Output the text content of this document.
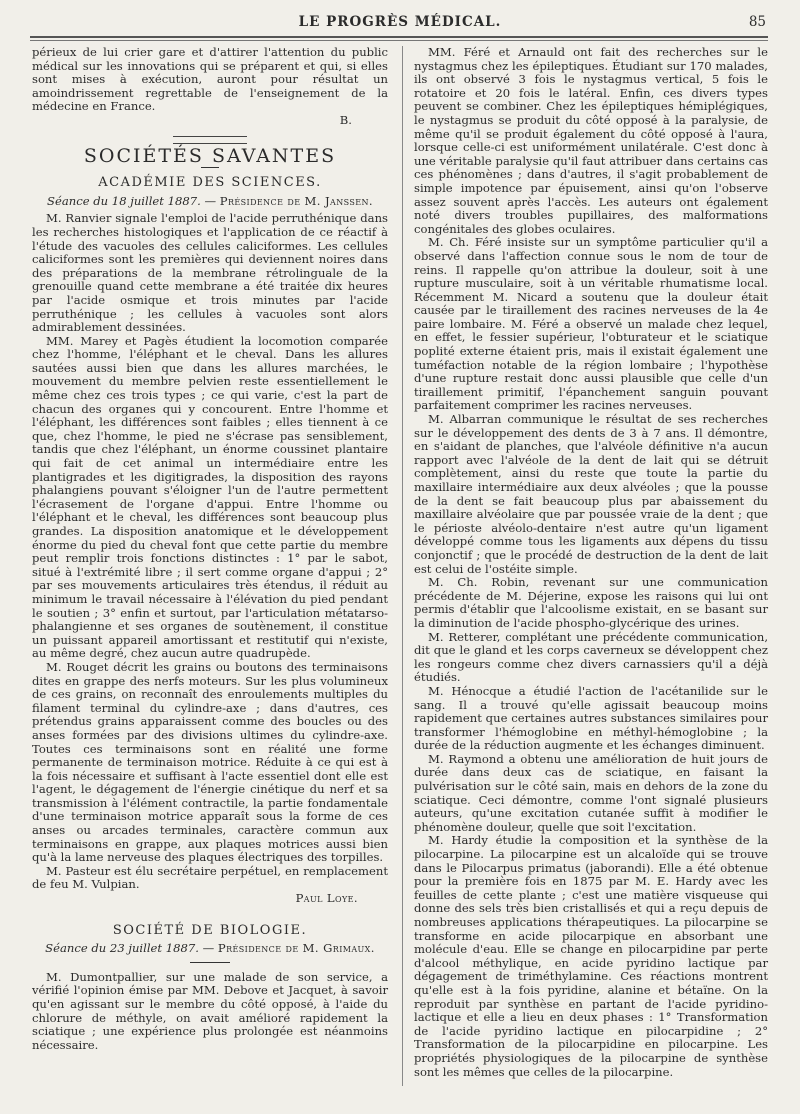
LE PROGRÈS MÉDICAL.	85

périeux de lui crier gare et d'attirer l'attention du public médical sur les innovations qui se préparent et qui, si elles sont mises à exécution, auront pour résultat un amoindrissement regrettable de l'enseignement de la médecine en France.

B.
SOCIÉTÉS SAVANTES
ACADÉMIE DES SCIENCES.

Séance du 18 juillet 1887. — Présidence de M. Janssen.

M. Ranvier signale l'emploi de l'acide perruthénique dans les recherches histologiques et l'application de ce réactif à l'étude des vacuoles des cellules caliciformes. Les cellules caliciformes sont les premières qui deviennent noires dans des préparations de la membrane rétrolinguale de la grenouille quand cette membrane a été traitée dix heures par l'acide osmique et trois minutes par l'acide perruthénique ; les cellules à vacuoles sont alors admirablement dessinées.

MM. Marey et Pagès étudient la locomotion comparée chez l'homme, l'éléphant et le cheval. Dans les allures sautées aussi bien que dans les allures marchées, le mouvement du membre pelvien reste essentiellement le même chez ces trois types ; ce qui varie, c'est la part de chacun des organes qui y concourent. Entre l'homme et l'éléphant, les différences sont faibles ; elles tiennent à ce que, chez l'homme, le pied ne s'écrase pas sensiblement, tandis que chez l'éléphant, un énorme coussinet plantaire qui fait de cet animal un intermédiaire entre les plantigrades et les digitigrades, la disposition des rayons phalangiens pouvant s'éloigner l'un de l'autre permettent l'écrasement de l'organe d'appui. Entre l'homme ou l'éléphant et le cheval, les différences sont beaucoup plus grandes. La disposition anatomique et le développement énorme du pied du cheval font que cette partie du membre peut remplir trois fonctions distinctes : 1° par le sabot, situé à l'extrémité libre ; il sert comme organe d'appui ; 2° par ses mouvements articulaires très étendus, il réduit au minimum le travail nécessaire à l'élévation du pied pendant le soutien ; 3° enfin et surtout, par l'articulation métatarso-phalangienne et ses organes de soutènement, il constitue un puissant appareil amortissant et restitutif qui n'existe, au même degré, chez aucun autre quadrupède.

M. Rouget décrit les grains ou boutons des terminaisons dites en grappe des nerfs moteurs. Sur les plus volumineux de ces grains, on reconnaît des enroulements multiples du filament terminal du cylindre-axe ; dans d'autres, ces prétendus grains apparaissent comme des boucles ou des anses formées par des divisions ultimes du cylindre-axe. Toutes ces terminaisons sont en réalité une forme permanente de terminaison motrice. Réduite à ce qui est à la fois nécessaire et suffisant à l'acte essentiel dont elle est l'agent, le dégagement de l'énergie cinétique du nerf et sa transmission à l'élément contractile, la partie fondamentale d'une terminaison motrice apparaît sous la forme de ces anses ou arcades terminales, caractère commun aux terminaisons en grappe, aux plaques motrices aussi bien qu'à la lame nerveuse des plaques électriques des torpilles.

M. Pasteur est élu secrétaire perpétuel, en remplacement de feu M. Vulpian.

Paul Loye.
SOCIÉTÉ DE BIOLOGIE.

Séance du 23 juillet 1887. — Présidence de M. Grimaux.

M. Dumontpallier, sur une malade de son service, a vérifié l'opinion émise par MM. Debove et Jacquet, à savoir qu'en agissant sur le membre du côté opposé, à l'aide du chlorure de méthyle, on avait amélioré rapidement la sciatique ; une expérience plus prolongée est néanmoins nécessaire.

MM. Féré et Arnauld ont fait des recherches sur le nystagmus chez les épileptiques. Étudiant sur 170 malades, ils ont observé 3 fois le nystagmus vertical, 5 fois le rotatoire et 20 fois le latéral. Enfin, ces divers types peuvent se combiner. Chez les épileptiques hémiplégiques, le nystagmus se produit du côté opposé à la paralysie, de même qu'il se produit également du côté opposé à l'aura, lorsque celle-ci est uniformément unilatérale. C'est donc à une véritable paralysie qu'il faut attribuer dans certains cas ces phénomènes ; dans d'autres, il s'agit probablement de simple impotence par épuisement, ainsi qu'on l'observe assez souvent après l'accès. Les auteurs ont également noté divers troubles pupillaires, des malformations congénitales des globes oculaires.

M. Ch. Féré insiste sur un symptôme particulier qu'il a observé dans l'affection connue sous le nom de tour de reins. Il rappelle qu'on attribue la douleur, soit à une rupture musculaire, soit à un véritable rhumatisme local. Récemment M. Nicard a soutenu que la douleur était causée par le tiraillement des racines nerveuses de la 4e paire lombaire. M. Féré a observé un malade chez lequel, en effet, le fessier supérieur, l'obturateur et le sciatique poplité externe étaient pris, mais il existait également une tuméfaction notable de la région lombaire ; l'hypothèse d'une rupture restait donc aussi plausible que celle d'un tiraillement primitif, l'épanchement sanguin pouvant parfaitement comprimer les racines nerveuses.

M. Albarran communique le résultat de ses recherches sur le développement des dents de 3 à 7 ans. Il démontre, en s'aidant de planches, que l'alvéole définitive n'a aucun rapport avec l'alvéole de la dent de lait qui se détruit complètement, ainsi du reste que toute la partie du maxillaire intermédiaire aux deux alvéoles ; que la pousse de la dent se fait beaucoup plus par abaissement du maxillaire alvéolaire que par poussée vraie de la dent ; que le périoste alvéolo-dentaire n'est autre qu'un ligament développé comme tous les ligaments aux dépens du tissu conjonctif ; que le procédé de destruction de la dent de lait est celui de l'ostéite simple.

M. Ch. Robin, revenant sur une communication précédente de M. Déjerine, expose les raisons qui lui ont permis d'établir que l'alcoolisme existait, en se basant sur la diminution de l'acide phospho-glycérique des urines.

M. Retterer, complétant une précédente communication, dit que le gland et les corps caverneux se développent chez les rongeurs comme chez divers carnassiers qu'il a déjà étudiés.

M. Hénocque a étudié l'action de l'acétanilide sur le sang. Il a trouvé qu'elle agissait beaucoup moins rapidement que certaines autres substances similaires pour transformer l'hémoglobine en méthyl-hémoglobine ; la durée de la réduction augmente et les échanges diminuent.

M. Raymond a obtenu une amélioration de huit jours de durée dans deux cas de sciatique, en faisant la pulvérisation sur le côté sain, mais en dehors de la zone du sciatique. Ceci démontre, comme l'ont signalé plusieurs auteurs, qu'une excitation cutanée suffit à modifier le phénomène douleur, quelle que soit l'excitation.

M. Hardy étudie la composition et la synthèse de la pilocarpine. La pilocarpine est un alcaloïde qui se trouve dans le Pilocarpus primatus (jaborandi). Elle a été obtenue pour la première fois en 1875 par M. E. Hardy avec les feuilles de cette plante ; c'est une matière visqueuse qui donne des sels très bien cristallisés et qui a reçu depuis de nombreuses applications thérapeutiques. La pilocarpine se transforme en acide pilocarpique en absorbant une molécule d'eau. Elle se change en pilocarpidine par perte d'alcool méthylique, en acide pyridino lactique par dégagement de triméthylamine. Ces réactions montrent qu'elle est à la fois pyridine, alanine et bétaïne. On la reproduit par synthèse en partant de l'acide pyridino-lactique et elle a lieu en deux phases : 1° Transformation de l'acide pyridino lactique en pilocarpidine ; 2° Transformation de la pilocarpidine en pilocarpine. Les propriétés physiologiques de la pilocarpine de synthèse sont les mêmes que celles de la pilocarpine.
